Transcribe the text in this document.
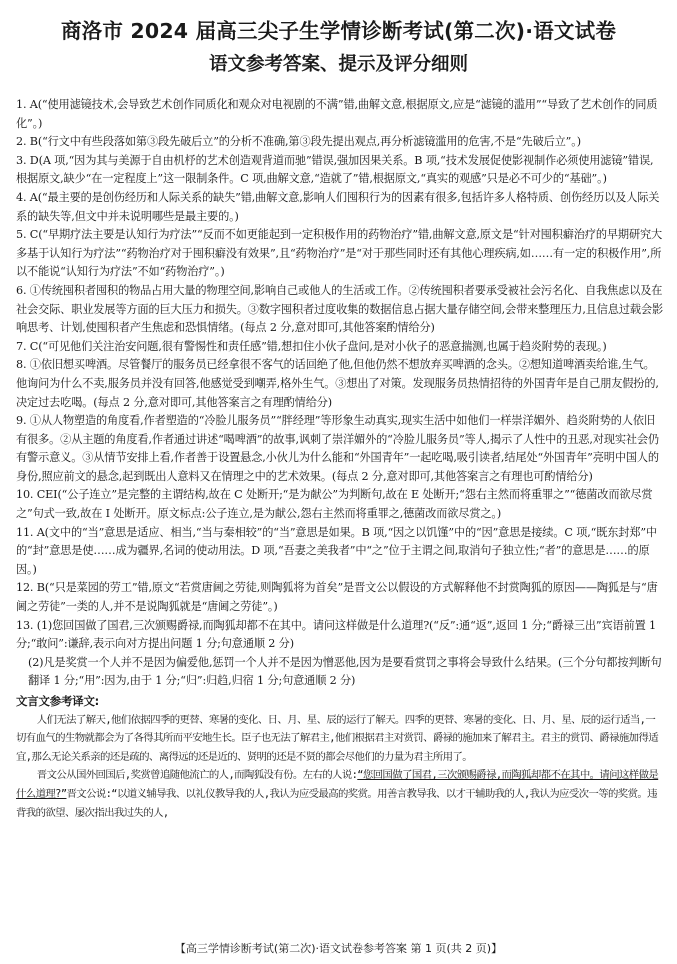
商洛市 2024 届高三尖子生学情诊断考试(第二次)·语文试卷
语文参考答案、提示及评分细则

1. A(“使用滤镜技术,会导致艺术创作同质化和观众对电视剧的不满”错,曲解文意,根据原文,应是“滤镜的滥用”“导致了艺术创作的同质化”。)

2. B(“行文中有些段落如第③段先破后立”的分析不准确,第③段先提出观点,再分析滤镜滥用的危害,不是“先破后立”。)

3. D(A 项,“因为其与美源于自由机杼的艺术创造观背道而驰”错误,强加因果关系。B 项,“技术发展促使影视制作必须使用滤镜”错误,根据原文,缺少“在一定程度上”这一限制条件。C 项,曲解文意,“造就了”错,根据原文,“真实的观感”只是必不可少的“基础”。)

4. A(“最主要的是创伤经历和人际关系的缺失”错,曲解文意,影响人们囤积行为的因素有很多,包括许多人格特质、创伤经历以及人际关系的缺失等,但文中并未说明哪些是最主要的。)

5. C(“早期疗法主要是认知行为疗法”“反而不如更能起到一定积极作用的药物治疗”错,曲解文意,原文是“针对囤积癖治疗的早期研究大多基于认知行为疗法”“药物治疗对于囤积癖没有效果”,且“药物治疗”是“对于那些同时还有其他心理疾病,如……有一定的积极作用”,所以不能说“认知行为疗法”不如“药物治疗”。)

6. ①传统囤积者囤积的物品占用大量的物理空间,影响自己或他人的生活或工作。②传统囤积者要承受被社会污名化、自我焦虑以及在社会交际、职业发展等方面的巨大压力和损失。③数字囤积者过度收集的数据信息占据大量存储空间,会带来整理压力,且信息过载会影响思考、计划,使囤积者产生焦虑和恐惧情绪。(每点 2 分,意对即可,其他答案酌情给分)

7. C(“可见他们关注治安问题,很有警惕性和责任感”错,想扣住小伙子盘问,是对小伙子的恶意揣测,也属于趋炎附势的表现。)

8. ①依旧想买啤酒。尽管餐厅的服务员已经拿很不客气的话回绝了他,但他仍然不想放弃买啤酒的念头。②想知道啤酒卖给谁,生气。他询问为什么不卖,服务员并没有回答,他感觉受到嘲弄,格外生气。③想出了对策。发现服务员热情招待的外国青年是自己朋友假扮的,决定过去吃喝。(每点 2 分,意对即可,其他答案言之有理酌情给分)

9. ①从人物塑造的角度看,作者塑造的“冷脸儿服务员”“胖经理”等形象生动真实,现实生活中如他们一样崇洋媚外、趋炎附势的人依旧有很多。②从主题的角度看,作者通过讲述“喝啤酒”的故事,讽刺了崇洋媚外的“冷脸儿服务员”等人,揭示了人性中的丑恶,对现实社会仍有警示意义。③从情节安排上看,作者善于设置悬念,小伙儿为什么能和“外国青年”一起吃喝,吸引读者,结尾处“外国青年”亮明中国人的身份,照应前文的悬念,起到既出人意料又在情理之中的艺术效果。(每点 2 分,意对即可,其他答案言之有理也可酌情给分)

10. CEI(“公子连立”是完整的主谓结构,故在 C 处断开;“是为献公”为判断句,故在 E 处断开;“怨右主然而将重罪之”“德菌改而欲尽赏之”句式一致,故在 I 处断开。原文标点:公子连立,是为献公,怨右主然而将重罪之,德菌改而欲尽赏之。)

11. A(文中的“当”意思是适应、相当,“当与秦相较”的“当”意思是如果。B 项,“因之以饥馑”中的“因”意思是接续。C 项,“既东封郑”中的“封”意思是使……成为疆界,名词的使动用法。D 项,“吾妻之美我者”中“之”位于主谓之间,取消句子独立性;“者”的意思是……的原因。)

12. B(“只是菜园的劳工”错,原文“若赏唐阃之劳徒,则陶狐将为首矣”是晋文公以假设的方式解释他不封赏陶狐的原因——陶狐是与“唐阃之劳徒”一类的人,并不是说陶狐就是“唐阃之劳徒”。)

13. (1)您回国做了国君,三次颁赐爵禄,而陶狐却都不在其中。请问这样做是什么道理?(“反”:通“返”,返回 1 分;“爵禄三出”宾语前置 1 分;“敢问”:谦辞,表示向对方提出问题 1 分;句意通顺 2 分)

(2)凡是奖赏一个人并不是因为偏爱他,惩罚一个人并不是因为憎恶他,因为是要看赏罚之事将会导致什么结果。(三个分句都按判断句翻译 1 分;“用”:因为,由于 1 分;“归”:归趋,归宿 1 分;句意通顺 2 分)

文言文参考译文:

人们无法了解天,他们依据四季的更替、寒暑的变化、日、月、星、辰的运行了解天。四季的更替、寒暑的变化、日、月、星、辰的运行适当,一切有血气的生物就都会为了各得其所而平安地生长。臣子也无法了解君主,他们根据君主对赏罚、爵禄的施加来了解君主。君主的赏罚、爵禄施加得适宜,那么无论关系亲的还是疏的、离得远的还是近的、贤明的还是不贤的都会尽他们的力量为君主所用了。

晋文公从国外回国后,奖赏曾追随他流亡的人,而陶狐没有份。左右的人说:“您回国做了国君,三次颁赐爵禄,而陶狐却都不在其中。请问这样做是什么道理?”晋文公说:“以道义辅导我、以礼仪教导我的人,我认为应受最高的奖赏。用善言教导我、以才干辅助我的人,我认为应受次一等的奖赏。违背我的欲望、屡次指出我过失的人,

【高三学情诊断考试(第二次)·语文试卷参考答案 第 1 页(共 2 页)】
